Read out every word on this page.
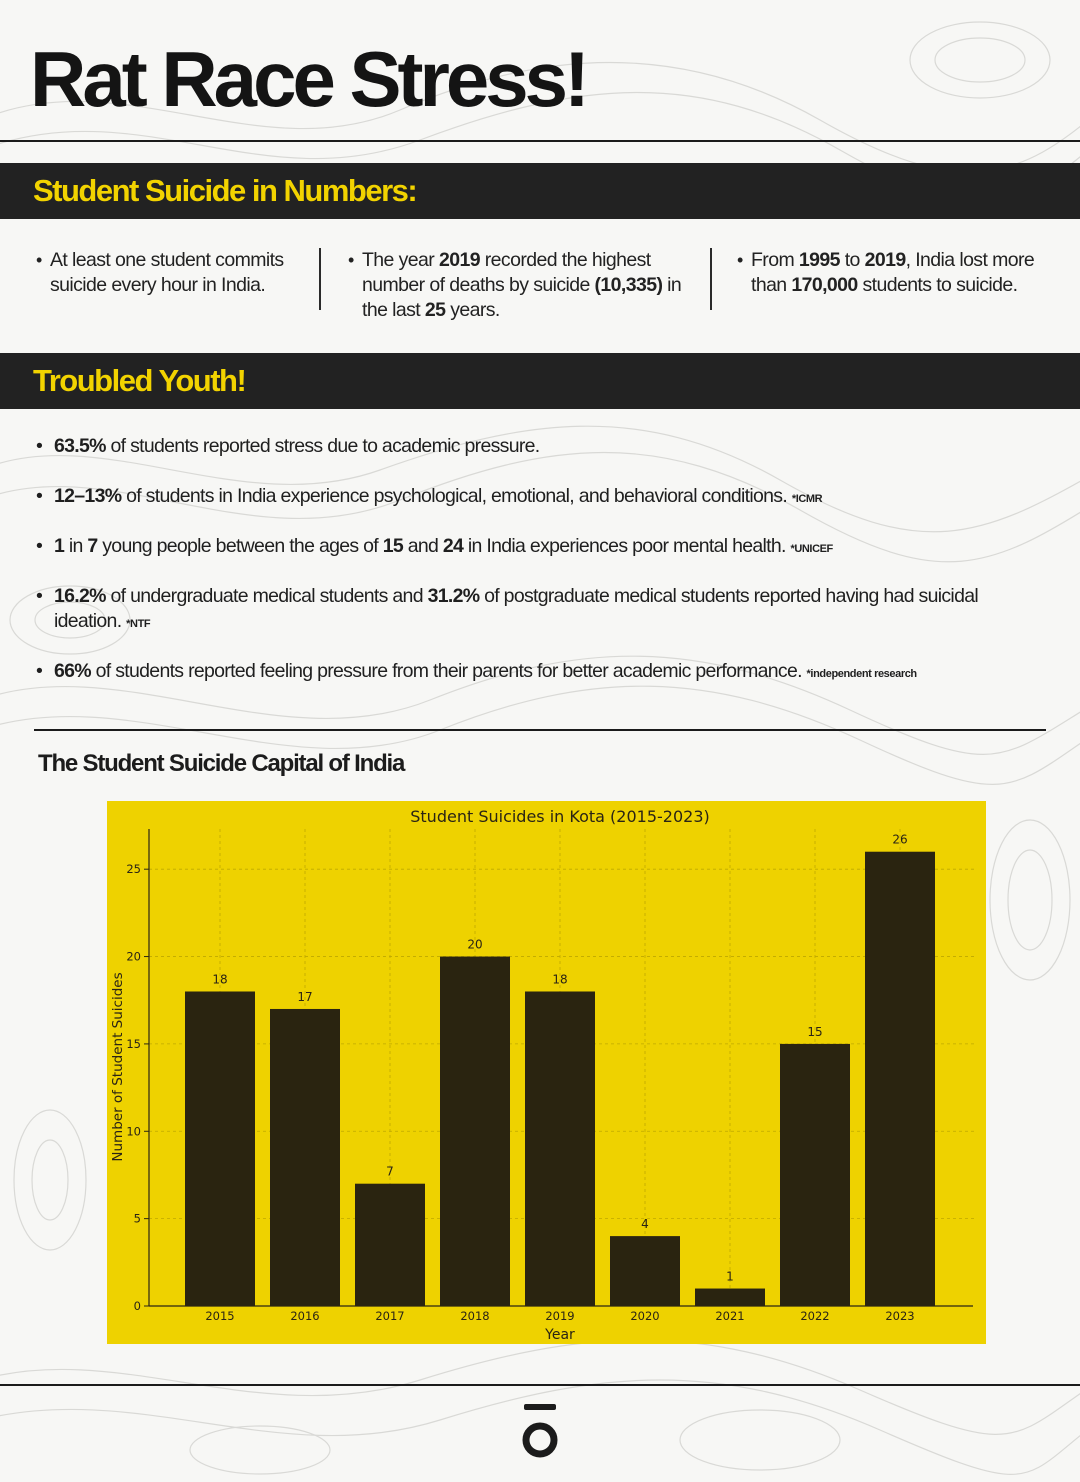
Rat Race Stress!
Student Suicide in Numbers:
• At least one student commits suicide every hour in India.
• The year 2019 recorded the highest number of deaths by suicide (10,335) in the last 25 years.
• From 1995 to 2019, India lost more than 170,000 students to suicide.
Troubled Youth!
• 63.5% of students reported stress due to academic pressure.
• 12–13% of students in India experience psychological, emotional, and behavioral conditions. *ICMR
• 1 in 7 young people between the ages of 15 and 24 in India experiences poor mental health. *UNICEF
• 16.2% of undergraduate medical students and 31.2% of postgraduate medical students reported having had suicidal ideation. *NTF
• 66% of students reported feeling pressure from their parents for better academic performance. *independent research
The Student Suicide Capital of India
0
5
10
15
20
25
18
2015
17
2016
7
2017
20
2018
18
2019
4
2020
1
2021
15
2022
26
2023
Student Suicides in Kota (2015-2023)
Year
Number of Student Suicides
